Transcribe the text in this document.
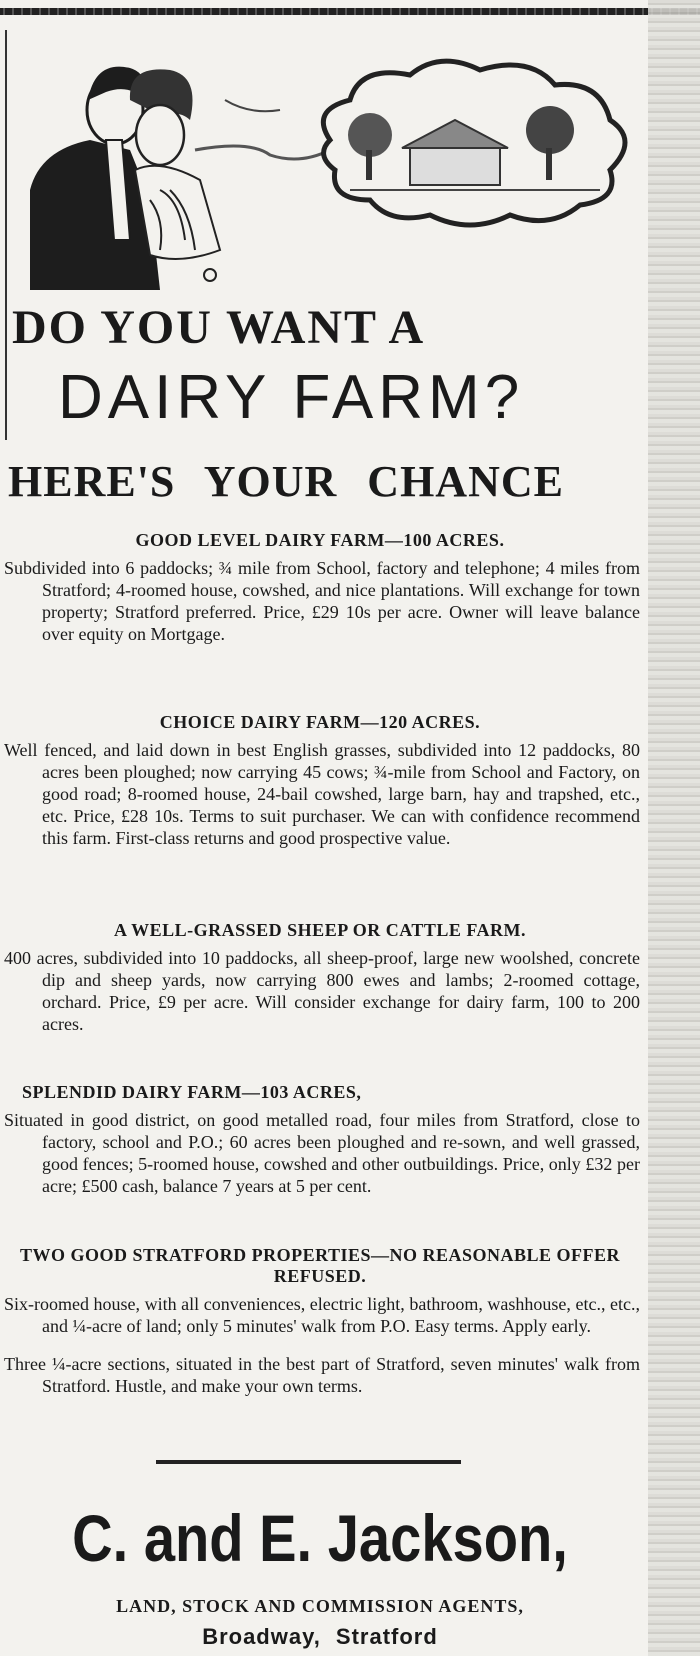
DO YOU WANT A
DAIRY FARM?
HERE'S YOUR CHANCE

GOOD LEVEL DAIRY FARM—100 ACRES.

Subdivided into 6 paddocks; ¾ mile from School, factory and telephone; 4 miles from Stratford; 4-roomed house, cowshed, and nice plantations. Will exchange for town property; Stratford preferred. Price, £29 10s per acre. Owner will leave balance over equity on Mortgage.

CHOICE DAIRY FARM—120 ACRES.

Well fenced, and laid down in best English grasses, subdivided into 12 paddocks, 80 acres been ploughed; now carrying 45 cows; ¾-mile from School and Factory, on good road; 8-roomed house, 24-bail cowshed, large barn, hay and trapshed, etc., etc. Price, £28 10s. Terms to suit purchaser. We can with confidence recommend this farm. First-class returns and good prospective value.

A WELL-GRASSED SHEEP OR CATTLE FARM.

400 acres, subdivided into 10 paddocks, all sheep-proof, large new woolshed, concrete dip and sheep yards, now carrying 800 ewes and lambs; 2-roomed cottage, orchard. Price, £9 per acre. Will consider exchange for dairy farm, 100 to 200 acres.

SPLENDID DAIRY FARM—103 ACRES,

Situated in good district, on good metalled road, four miles from Stratford, close to factory, school and P.O.; 60 acres been ploughed and re-sown, and well grassed, good fences; 5-roomed house, cowshed and other outbuildings. Price, only £32 per acre; £500 cash, balance 7 years at 5 per cent.

TWO GOOD STRATFORD PROPERTIES—NO REASONABLE OFFER REFUSED.

Six-roomed house, with all conveniences, electric light, bathroom, washhouse, etc., etc., and ¼-acre of land; only 5 minutes' walk from P.O. Easy terms. Apply early.

Three ¼-acre sections, situated in the best part of Stratford, seven minutes' walk from Stratford. Hustle, and make your own terms.

C. and E. Jackson,

LAND, STOCK AND COMMISSION AGENTS,

Broadway, Stratford
